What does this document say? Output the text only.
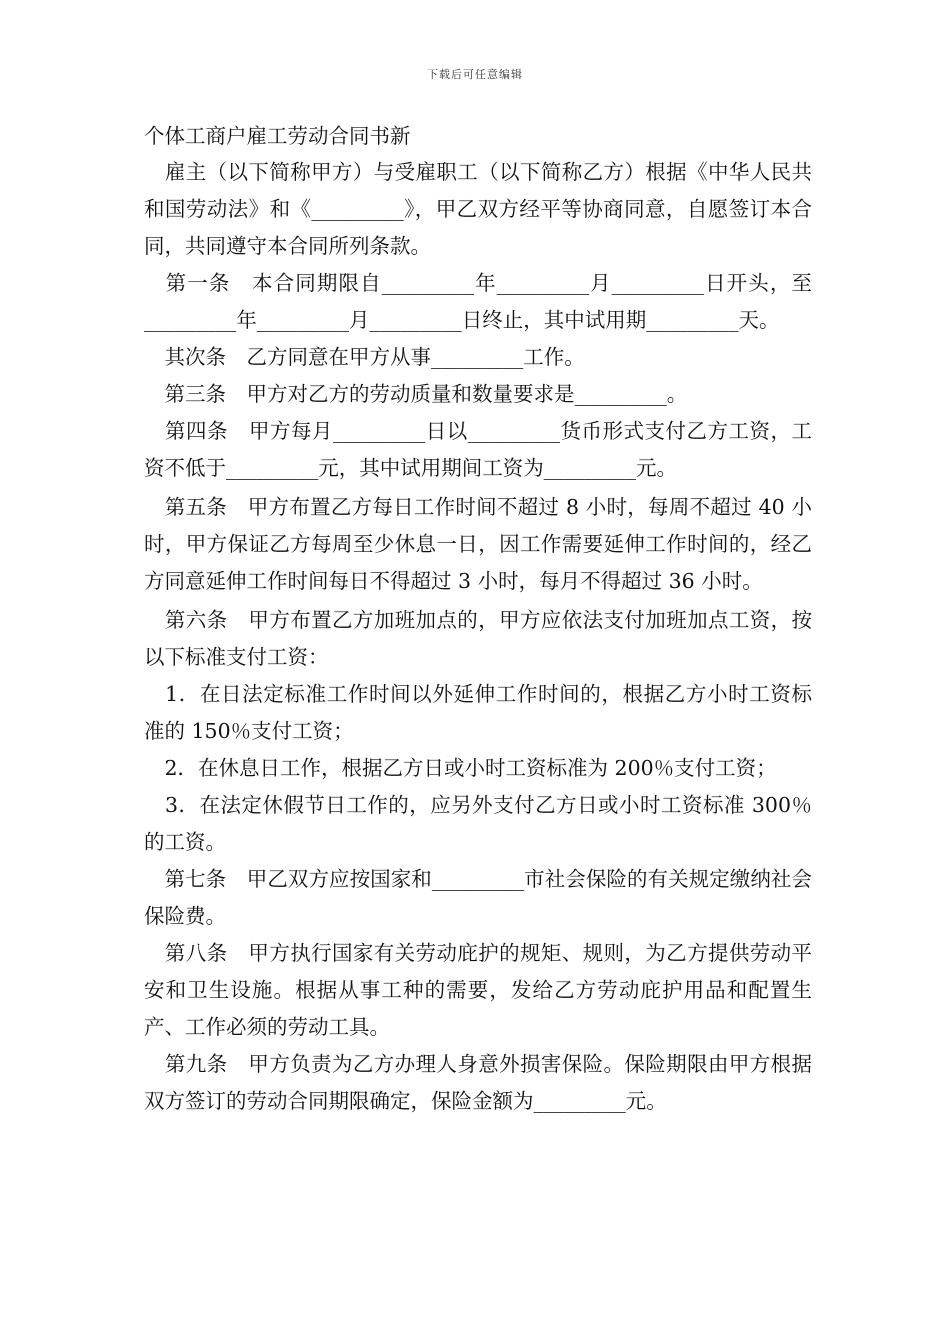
下载后可任意编辑
个体工商户雇工劳动合同书新

　雇主（以下简称甲方）与受雇职工（以下简称乙方）根据《中华人民共和国劳动法》和《_________》，甲乙双方经平等协商同意，自愿签订本合同，共同遵守本合同所列条款。

　第一条　本合同期限自_________年_________月_________日开头，至_________年_________月_________日终止，其中试用期_________天。

　其次条　乙方同意在甲方从事_________工作。

　第三条　甲方对乙方的劳动质量和数量要求是_________。

　第四条　甲方每月_________日以_________货币形式支付乙方工资，工资不低于_________元，其中试用期间工资为_________元。

　第五条　甲方布置乙方每日工作时间不超过 8 小时，每周不超过 40 小时，甲方保证乙方每周至少休息一日，因工作需要延伸工作时间的，经乙方同意延伸工作时间每日不得超过 3 小时，每月不得超过 36 小时。

　第六条　甲方布置乙方加班加点的，甲方应依法支付加班加点工资，按以下标准支付工资：

　1．在日法定标准工作时间以外延伸工作时间的，根据乙方小时工资标准的 150％支付工资；

　2．在休息日工作，根据乙方日或小时工资标准为 200％支付工资；

　3．在法定休假节日工作的，应另外支付乙方日或小时工资标准 300％的工资。

　第七条　甲乙双方应按国家和_________市社会保险的有关规定缴纳社会保险费。

　第八条　甲方执行国家有关劳动庇护的规矩、规则，为乙方提供劳动平安和卫生设施。根据从事工种的需要，发给乙方劳动庇护用品和配置生产、工作必须的劳动工具。

　第九条　甲方负责为乙方办理人身意外损害保险。保险期限由甲方根据双方签订的劳动合同期限确定，保险金额为_________元。
